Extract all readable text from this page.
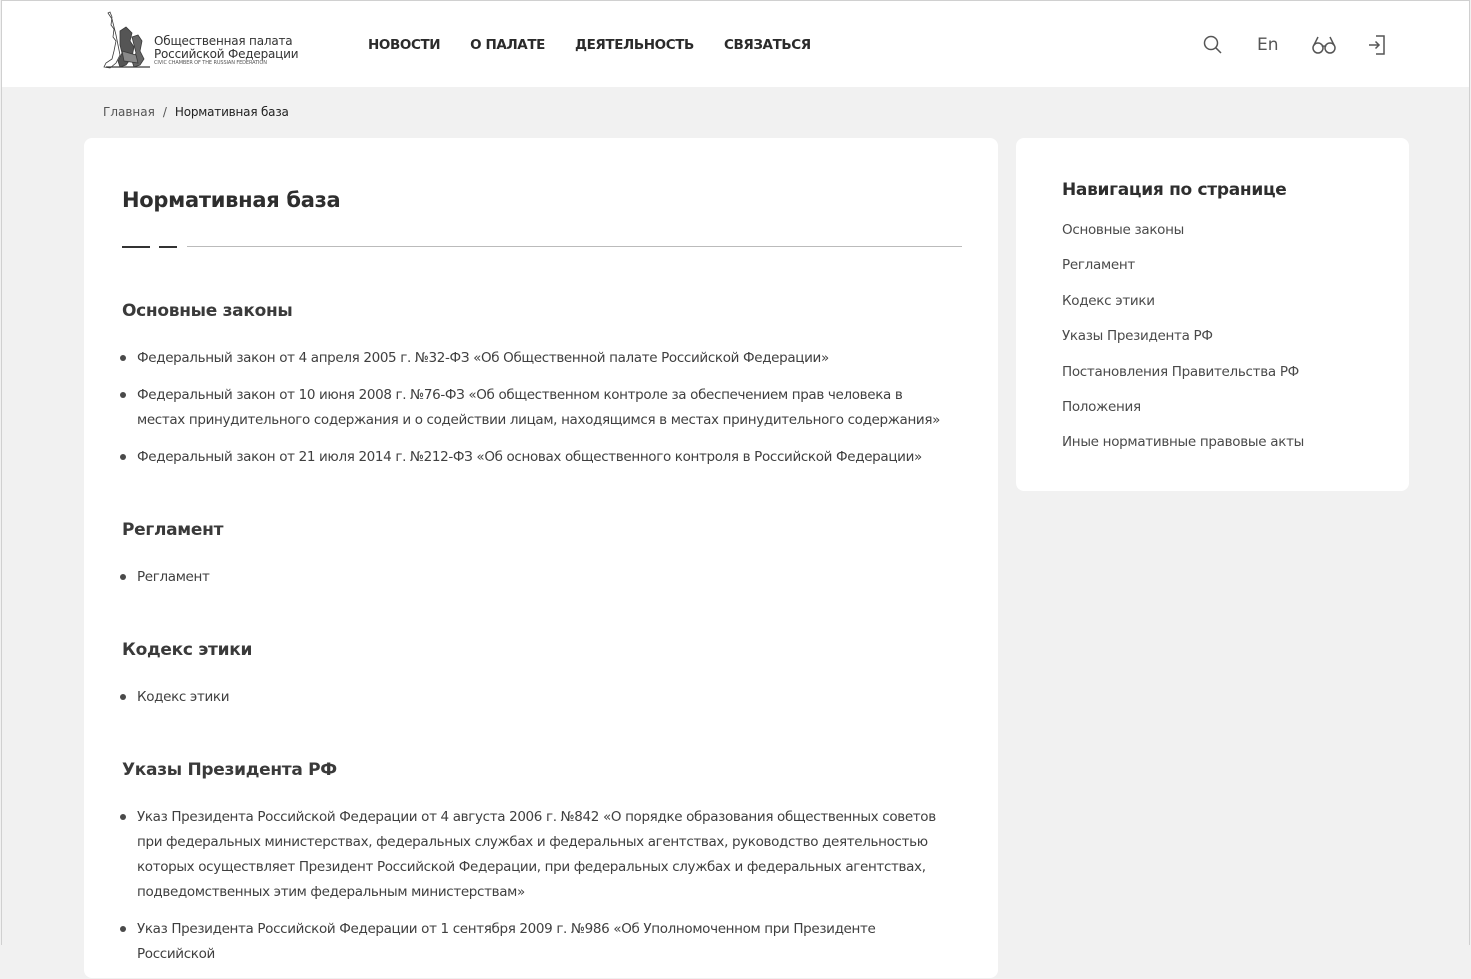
Общественная палата
Российской Федерации
CIVIC CHAMBER OF THE RUSSIAN FEDERATION
НОВОСТИ О ПАЛАТЕ ДЕЯТЕЛЬНОСТЬ СВЯЗАТЬСЯ	En
Главная / Нормативная база
Нормативная база
Основные законы
Федеральный закон от 4 апреля 2005 г. №32-ФЗ «Об Общественной палате Российской Федерации»
Федеральный закон от 10 июня 2008 г. №76-ФЗ «Об общественном контроле за обеспечением прав человека в местах принудительного содержания и о содействии лицам, находящимся в местах принудительного содержания»
Федеральный закон от 21 июля 2014 г. №212-ФЗ «Об основах общественного контроля в Российской Федерации»
Регламент
Регламент
Кодекс этики
Кодекс этики
Указы Президента РФ
Указ Президента Российской Федерации от 4 августа 2006 г. №842 «О порядке образования общественных советов при федеральных министерствах, федеральных службах и федеральных агентствах, руководство деятельностью которых осуществляет Президент Российской Федерации, при федеральных службах и федеральных агентствах, подведомственных этим федеральным министерствам»
Указ Президента Российской Федерации от 1 сентября 2009 г. №986 «Об Уполномоченном при Президенте Российской
Навигация по странице
Основные законы
Регламент
Кодекс этики
Указы Президента РФ
Постановления Правительства РФ
Положения
Иные нормативные правовые акты
